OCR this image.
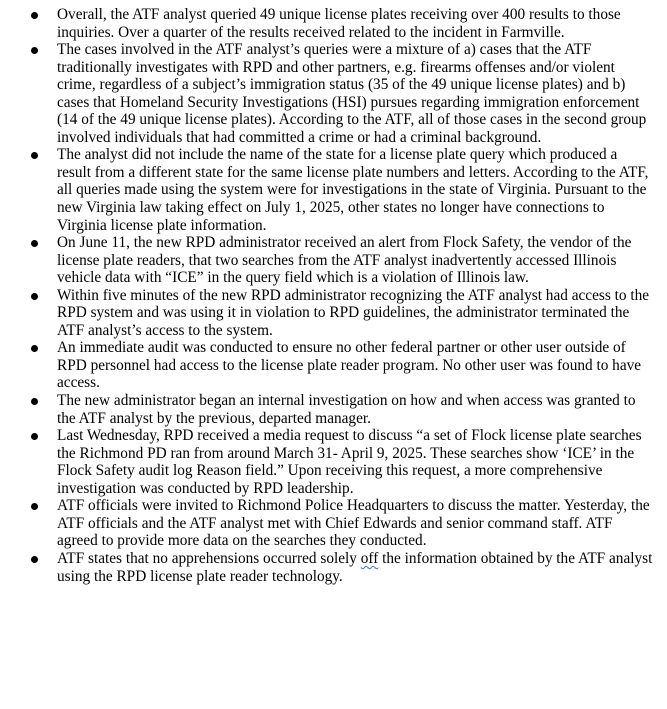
Overall, the ATF analyst queried 49 unique license plates receiving over 400 results to those inquiries. Over a quarter of the results received related to the incident in Farmville.
The cases involved in the ATF analyst’s queries were a mixture of a) cases that the ATF traditionally investigates with RPD and other partners, e.g. firearms offenses and/or violent crime, regardless of a subject’s immigration status (35 of the 49 unique license plates) and b) cases that Homeland Security Investigations (HSI) pursues regarding immigration enforcement (14 of the 49 unique license plates). According to the ATF, all of those cases in the second group involved individuals that had committed a crime or had a criminal background.
The analyst did not include the name of the state for a license plate query which produced a result from a different state for the same license plate numbers and letters. According to the ATF, all queries made using the system were for investigations in the state of Virginia. Pursuant to the new Virginia law taking effect on July 1, 2025, other states no longer have connections to Virginia license plate information.
On June 11, the new RPD administrator received an alert from Flock Safety, the vendor of the license plate readers, that two searches from the ATF analyst inadvertently accessed Illinois vehicle data with “ICE” in the query field which is a violation of Illinois law.
Within five minutes of the new RPD administrator recognizing the ATF analyst had access to the RPD system and was using it in violation to RPD guidelines, the administrator terminated the ATF analyst’s access to the system.
An immediate audit was conducted to ensure no other federal partner or other user outside of RPD personnel had access to the license plate reader program. No other user was found to have access.
The new administrator began an internal investigation on how and when access was granted to the ATF analyst by the previous, departed manager.
Last Wednesday, RPD received a media request to discuss “a set of Flock license plate searches the Richmond PD ran from around March 31- April 9, 2025. These searches show ‘ICE’ in the Flock Safety audit log Reason field.” Upon receiving this request, a more comprehensive investigation was conducted by RPD leadership.
ATF officials were invited to Richmond Police Headquarters to discuss the matter. Yesterday, the ATF officials and the ATF analyst met with Chief Edwards and senior command staff. ATF agreed to provide more data on the searches they conducted.
ATF states that no apprehensions occurred solely off the information obtained by the ATF analyst using the RPD license plate reader technology.
